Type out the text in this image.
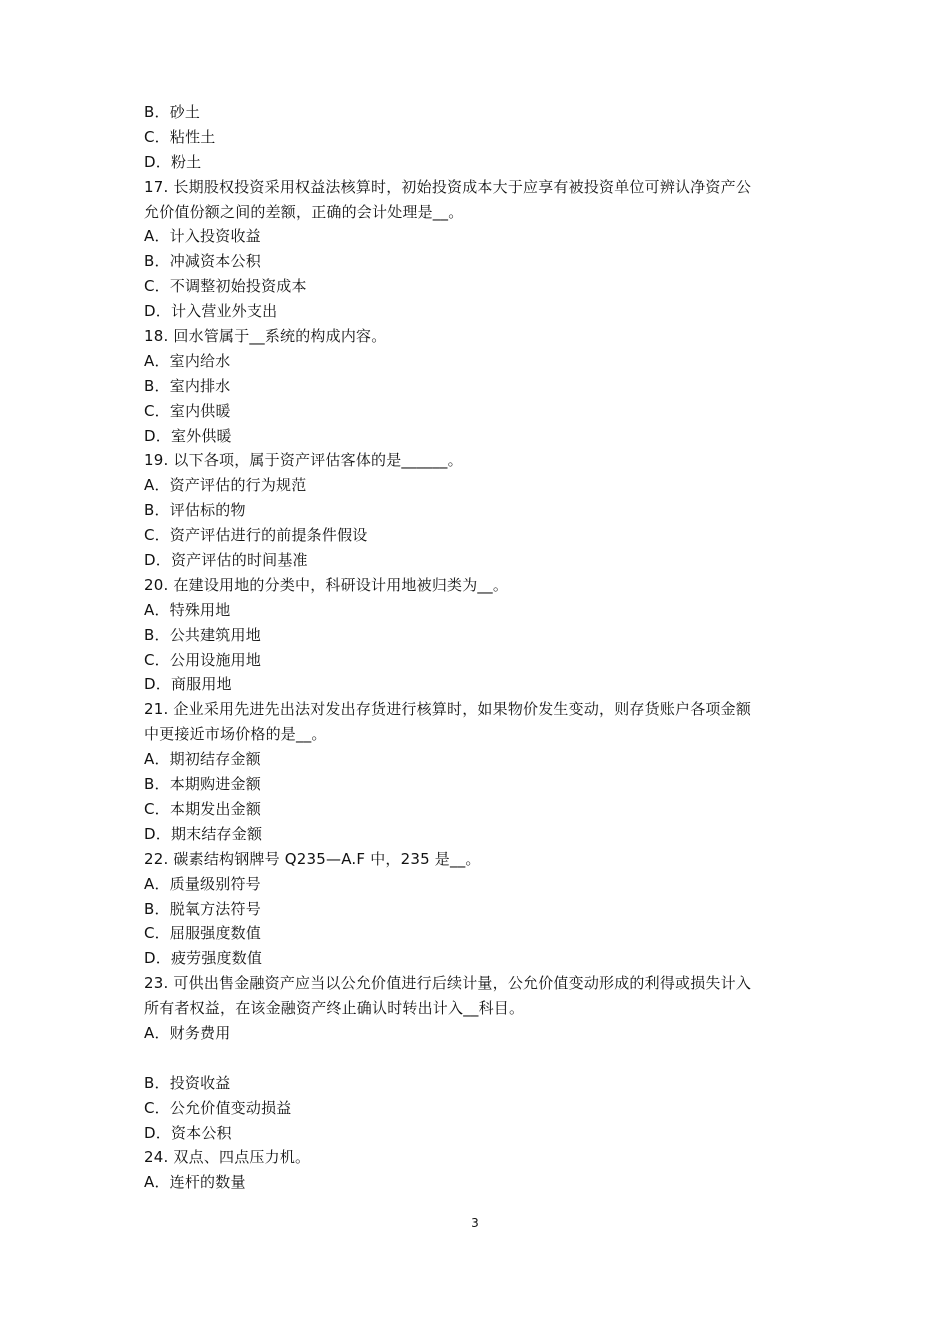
B．砂土
C．粘性土
D．粉土
17. 长期股权投资采用权益法核算时，初始投资成本大于应享有被投资单位可辨认净资产公
允价值份额之间的差额，正确的会计处理是__。
A．计入投资收益
B．冲减资本公积
C．不调整初始投资成本
D．计入营业外支出
18. 回水管属于__系统的构成内容。
A．室内给水
B．室内排水
C．室内供暖
D．室外供暖
19. 以下各项，属于资产评估客体的是______。
A．资产评估的行为规范
B．评估标的物
C．资产评估进行的前提条件假设
D．资产评估的时间基准
20. 在建设用地的分类中，科研设计用地被归类为__。
A．特殊用地
B．公共建筑用地
C．公用设施用地
D．商服用地
21. 企业采用先进先出法对发出存货进行核算时，如果物价发生变动，则存货账户各项金额
中更接近市场价格的是__。
A．期初结存金额
B．本期购进金额
C．本期发出金额
D．期末结存金额
22. 碳素结构钢牌号 Q235—A.F 中，235 是__。
A．质量级别符号
B．脱氧方法符号
C．屈服强度数值
D．疲劳强度数值
23. 可供出售金融资产应当以公允价值进行后续计量，公允价值变动形成的利得或损失计入
所有者权益，在该金融资产终止确认时转出计入__科目。
A．财务费用
B．投资收益
C．公允价值变动损益
D．资本公积
24. 双点、四点压力机。
A．连杆的数量
3
